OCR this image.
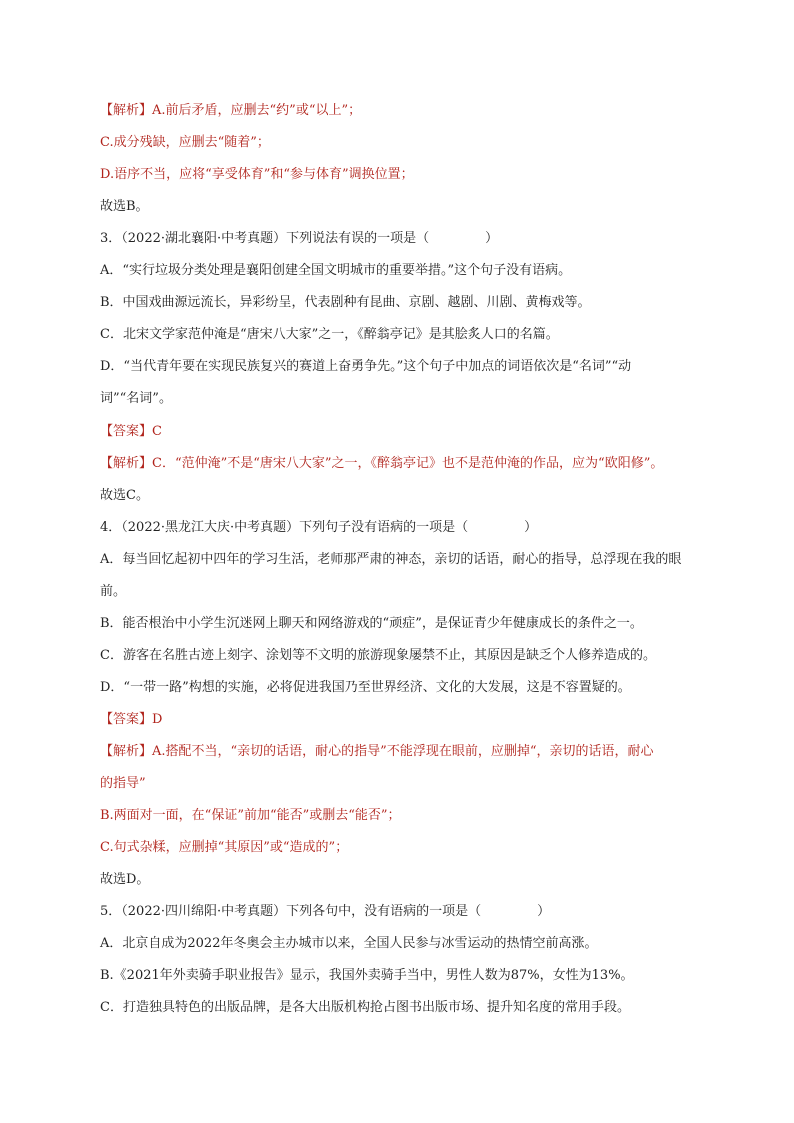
【解析】A.前后矛盾，应删去“约”或“以上”；
C.成分残缺，应删去“随着”；
D.语序不当，应将“享受体育”和“参与体育”调换位置；
故选B。
3．（2022·湖北襄阳·中考真题）下列说法有误的一项是（	）
A．“实行垃圾分类处理是襄阳创建全国文明城市的重要举措。”这个句子没有语病。
B．中国戏曲源远流长，异彩纷呈，代表剧种有昆曲、京剧、越剧、川剧、黄梅戏等。
C．北宋文学家范仲淹是“唐宋八大家”之一，《醉翁亭记》是其脍炙人口的名篇。
D．“当代青年要在实现民族复兴的赛道上奋勇争先。”这个句子中加点的词语依次是“名词”“动
词”“名词”。
【答案】C
【解析】C．“范仲淹”不是“唐宋八大家”之一，《醉翁亭记》也不是范仲淹的作品，应为“欧阳修”。
故选C。
4．（2022·黑龙江大庆·中考真题）下列句子没有语病的一项是（	）
A．每当回忆起初中四年的学习生活，老师那严肃的神态，亲切的话语，耐心的指导，总浮现在我的眼
前。
B．能否根治中小学生沉迷网上聊天和网络游戏的“顽症”，是保证青少年健康成长的条件之一。
C．游客在名胜古迹上刻字、涂划等不文明的旅游现象屡禁不止，其原因是缺乏个人修养造成的。
D．“一带一路”构想的实施，必将促进我国乃至世界经济、文化的大发展，这是不容置疑的。
【答案】D
【解析】A.搭配不当，“亲切的话语，耐心的指导”不能浮现在眼前，应删掉“，亲切的话语，耐心
的指导”
B.两面对一面，在“保证”前加“能否”或删去“能否”；
C.句式杂糅，应删掉“其原因”或“造成的”；
故选D。
5．（2022·四川绵阳·中考真题）下列各句中，没有语病的一项是（	）
A．北京自成为2022年冬奥会主办城市以来，全国人民参与冰雪运动的热情空前高涨。
B.《2021年外卖骑手职业报告》显示，我国外卖骑手当中，男性人数为87%，女性为13%。
C．打造独具特色的出版品牌，是各大出版机构抢占图书出版市场、提升知名度的常用手段。
